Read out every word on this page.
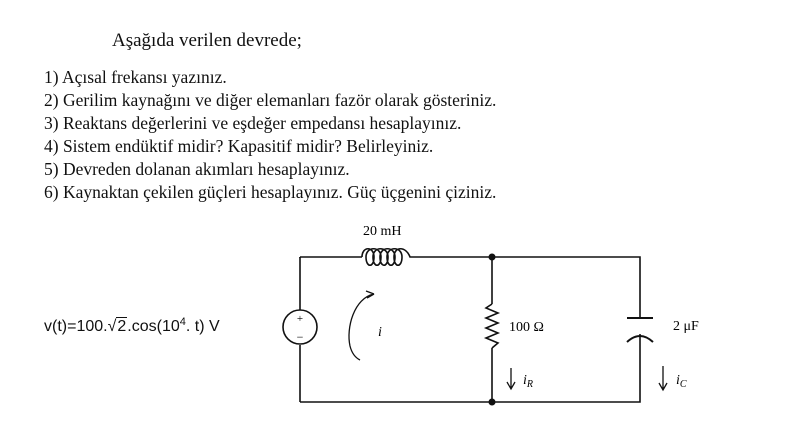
Aşağıda verilen devrede;

1) Açısal frekansı yazınız.
2) Gerilim kaynağını ve diğer elemanları fazör olarak gösteriniz.
3) Reaktans değerlerini ve eşdeğer empedansı hesaplayınız.
4) Sistem endüktif midir? Kapasitif midir? Belirleyiniz.
5) Devreden dolanan akımları hesaplayınız.
6) Kaynaktan çekilen güçleri hesaplayınız. Güç üçgenini çiziniz.
$v(t)=100.√2.\cos(10^4$. t) V	+
−	i
$i_R$	$i_C$
20 mH
100 Ω	2 μF
